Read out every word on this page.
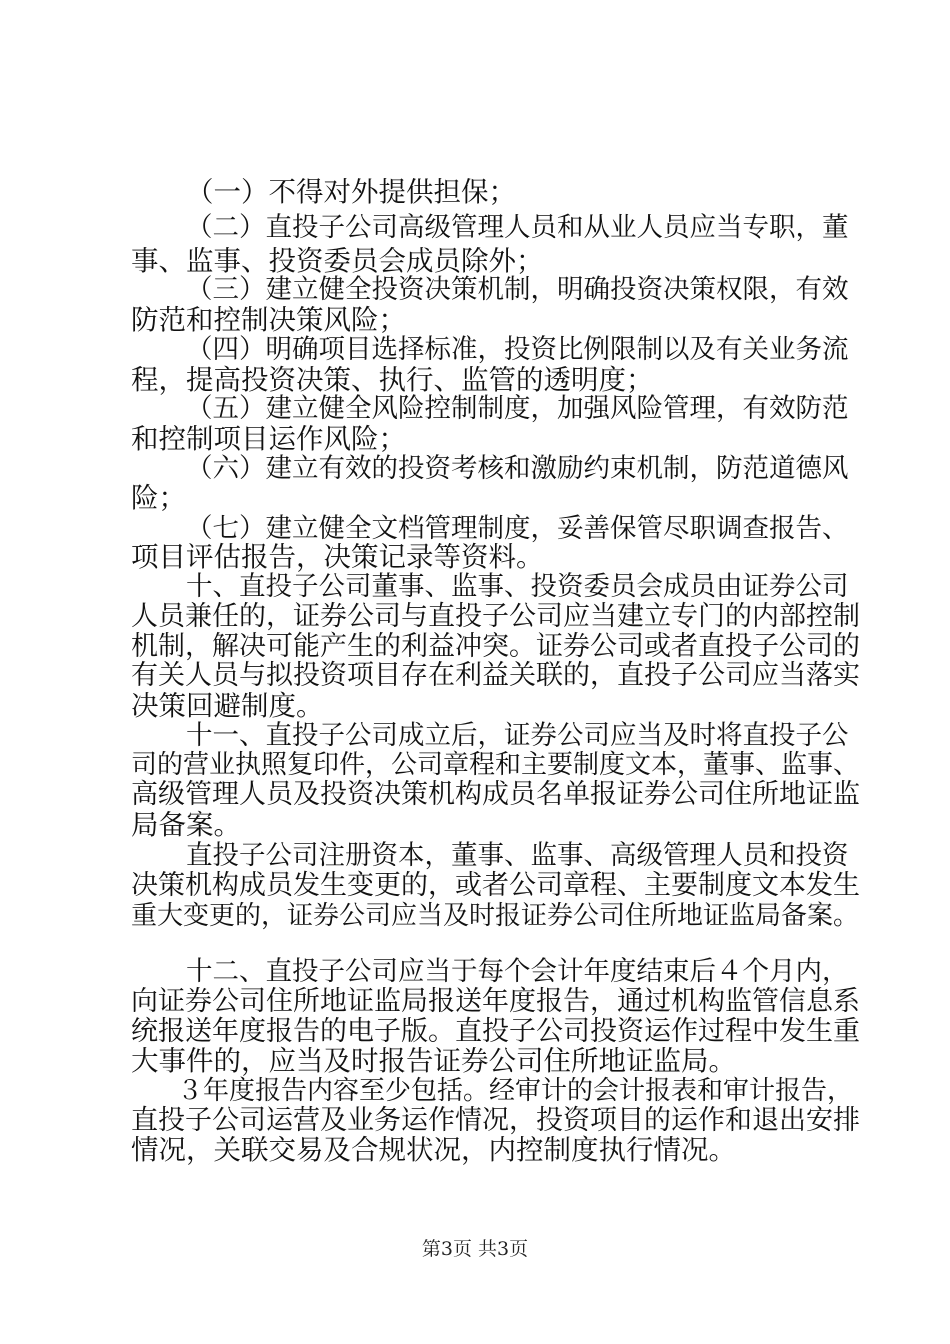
（一）不得对外提供担保；
（二）直投子公司高级管理人员和从业人员应当专职，董
事、监事、投资委员会成员除外；
（三）建立健全投资决策机制，明确投资决策权限，有效
防范和控制决策风险；
（四）明确项目选择标准，投资比例限制以及有关业务流
程，提高投资决策、执行、监管的透明度；
（五）建立健全风险控制制度，加强风险管理，有效防范
和控制项目运作风险；
（六）建立有效的投资考核和激励约束机制，防范道德风
险；
（七）建立健全文档管理制度，妥善保管尽职调查报告、
项目评估报告，决策记录等资料。
十、直投子公司董事、监事、投资委员会成员由证券公司
人员兼任的，证券公司与直投子公司应当建立专门的内部控制
机制，解决可能产生的利益冲突。证券公司或者直投子公司的
有关人员与拟投资项目存在利益关联的，直投子公司应当落实
决策回避制度。
十一、直投子公司成立后，证券公司应当及时将直投子公
司的营业执照复印件，公司章程和主要制度文本，董事、监事、
高级管理人员及投资决策机构成员名单报证券公司住所地证监
局备案。
直投子公司注册资本，董事、监事、高级管理人员和投资
决策机构成员发生变更的，或者公司章程、主要制度文本发生
重大变更的，证券公司应当及时报证券公司住所地证监局备案。
十二、直投子公司应当于每个会计年度结束后４个月内，
向证券公司住所地证监局报送年度报告，通过机构监管信息系
统报送年度报告的电子版。直投子公司投资运作过程中发生重
大事件的，应当及时报告证券公司住所地证监局。
３年度报告内容至少包括。经审计的会计报表和审计报告，
直投子公司运营及业务运作情况，投资项目的运作和退出安排
情况，关联交易及合规状况，内控制度执行情况。
第3页 共3页
